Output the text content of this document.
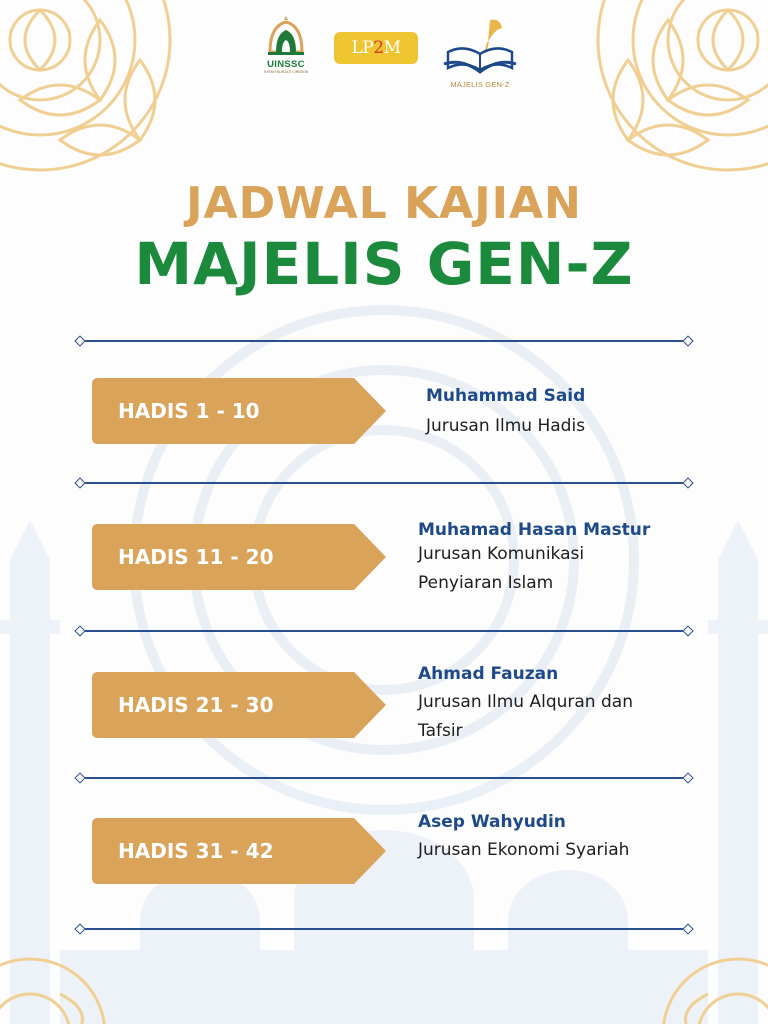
UINSSC
SYEKH NURJATI CIREBON
LP2M
MAJELIS GEN-Z
JADWAL KAJIAN
MAJELIS GEN-Z
HADIS 1 - 10
Muhammad Said
Jurusan Ilmu Hadis
HADIS 11 - 20
Muhamad Hasan Mastur
Jurusan Komunikasi
Penyiaran Islam
HADIS 21 - 30
Ahmad Fauzan
Jurusan Ilmu Alquran dan
Tafsir
HADIS 31 - 42
Asep Wahyudin
Jurusan Ekonomi Syariah
